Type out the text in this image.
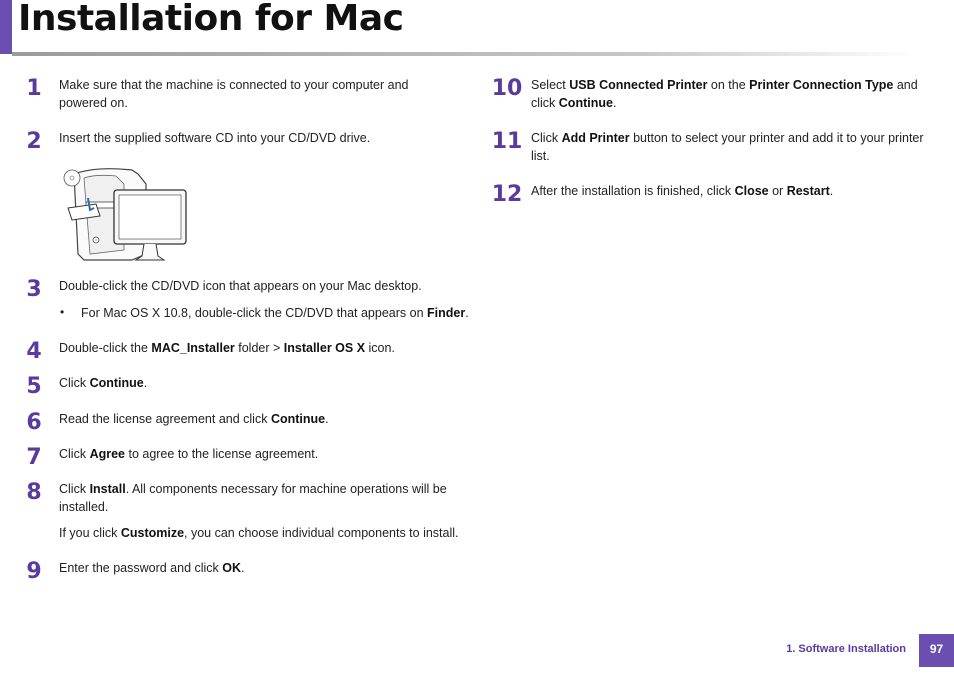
Installation for Mac
1	Make sure that the machine is connected to your computer and powered on.
2	Insert the supplied software CD into your CD/DVD drive.
3	Double-click the CD/DVD icon that appears on your Mac desktop.
• For Mac OS X 10.8, double-click the CD/DVD that appears on Finder.
4	Double-click the MAC_Installer folder > Installer OS X icon.
5	Click Continue.
6	Read the license agreement and click Continue.
7	Click Agree to agree to the license agreement.
8	Click Install. All components necessary for machine operations will be installed.
If you click Customize, you can choose individual components to install.
9	Enter the password and click OK.
10 Select USB Connected Printer on the Printer Connection Type and click Continue.
11 Click Add Printer button to select your printer and add it to your printer list.
12 After the installation is finished, click Close or Restart.
1. Software Installation	97
